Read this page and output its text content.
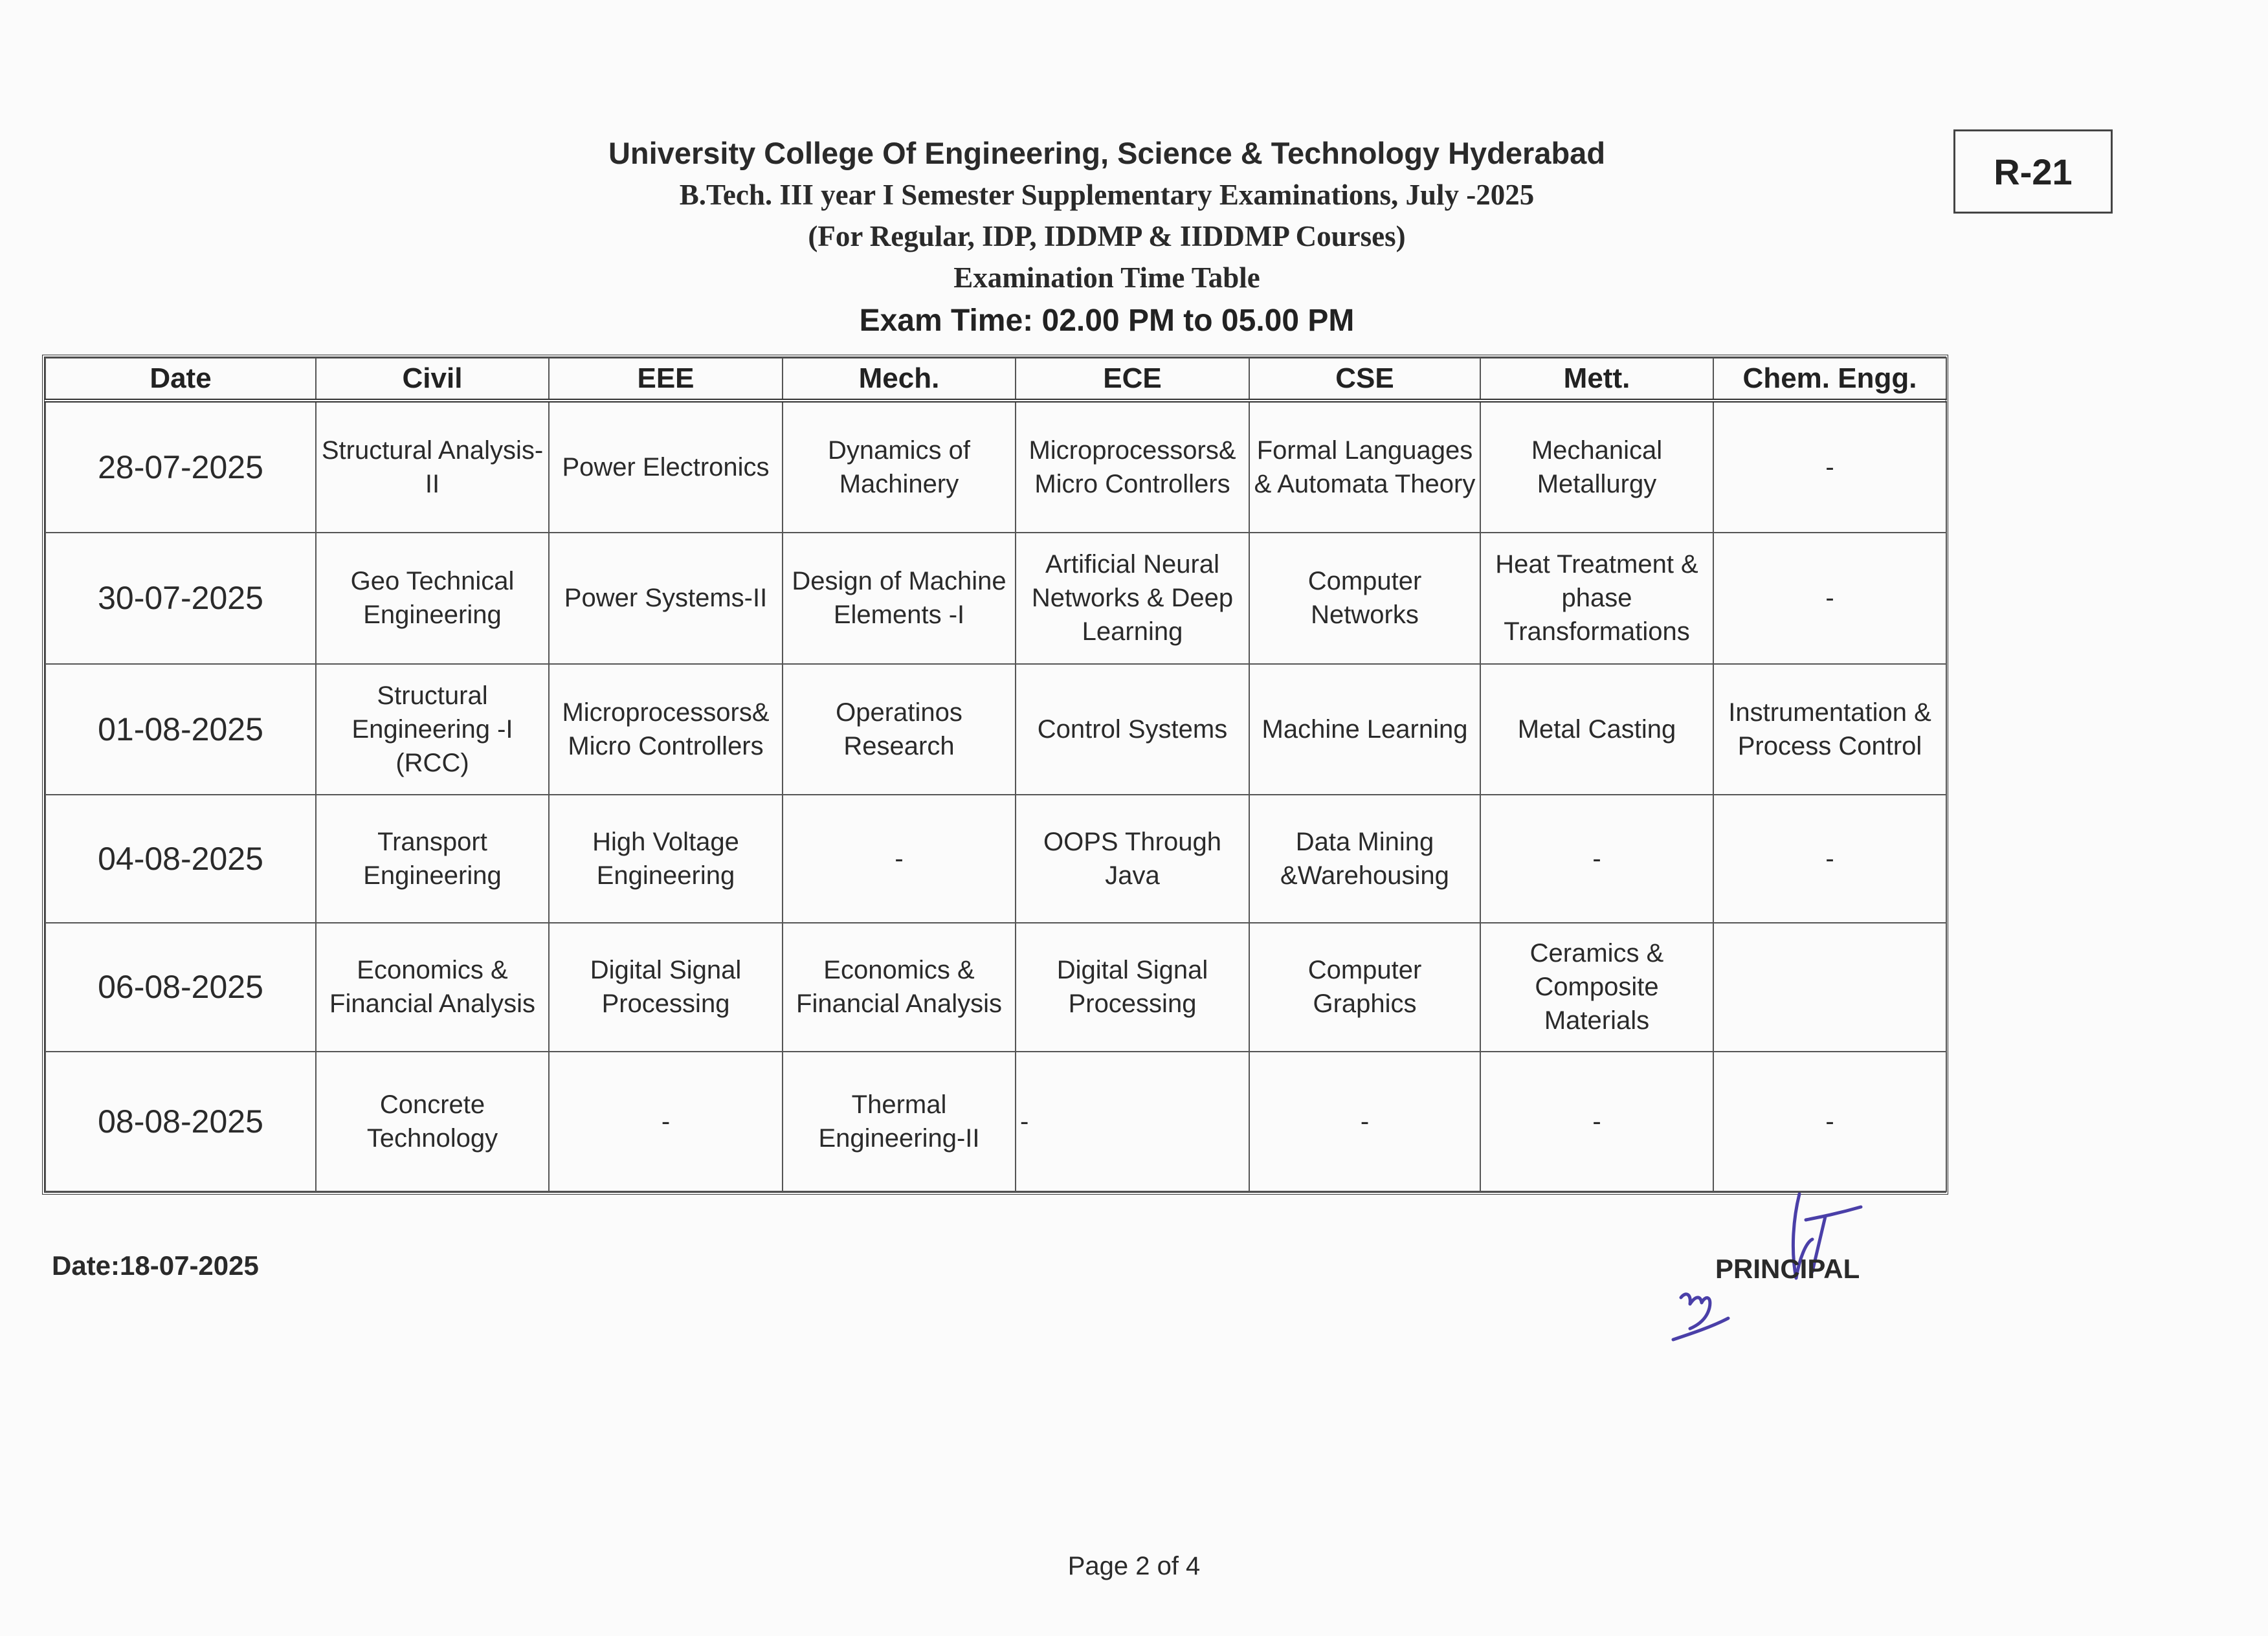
University College Of Engineering, Science & Technology Hyderabad
B.Tech. III year I Semester Supplementary Examinations, July -2025
(For Regular, IDP, IDDMP & IIDDMP Courses)
Examination Time Table
Exam Time: 02.00 PM to 05.00 PM
R-21
Date	Civil	EEE	Mech.	ECE	CSE	Mett.	Chem. Engg.
28-07-2025	Structural Analysis-II	Power Electronics	Dynamics of Machinery	Microprocessors& Micro Controllers	Formal Languages & Automata Theory	Mechanical Metallurgy	-
30-07-2025	Geo Technical Engineering	Power Systems-II	Design of Machine Elements -I	Artificial Neural Networks & Deep Learning	Computer Networks	Heat Treatment & phase Transformations	-
01-08-2025	Structural Engineering -I (RCC)	Microprocessors& Micro Controllers	Operatinos Research	Control Systems	Machine Learning	Metal Casting	Instrumentation & Process Control
04-08-2025	Transport Engineering	High Voltage Engineering	-	OOPS Through Java	Data Mining &Warehousing	-	-
06-08-2025	Economics & Financial Analysis	Digital Signal Processing	Economics & Financial Analysis	Digital Signal Processing	Computer Graphics	Ceramics & Composite Materials	
08-08-2025	Concrete Technology	-	Thermal Engineering-II	-	-	-	-
Date:18-07-2025	PRINCIPAL
Page 2 of 4
